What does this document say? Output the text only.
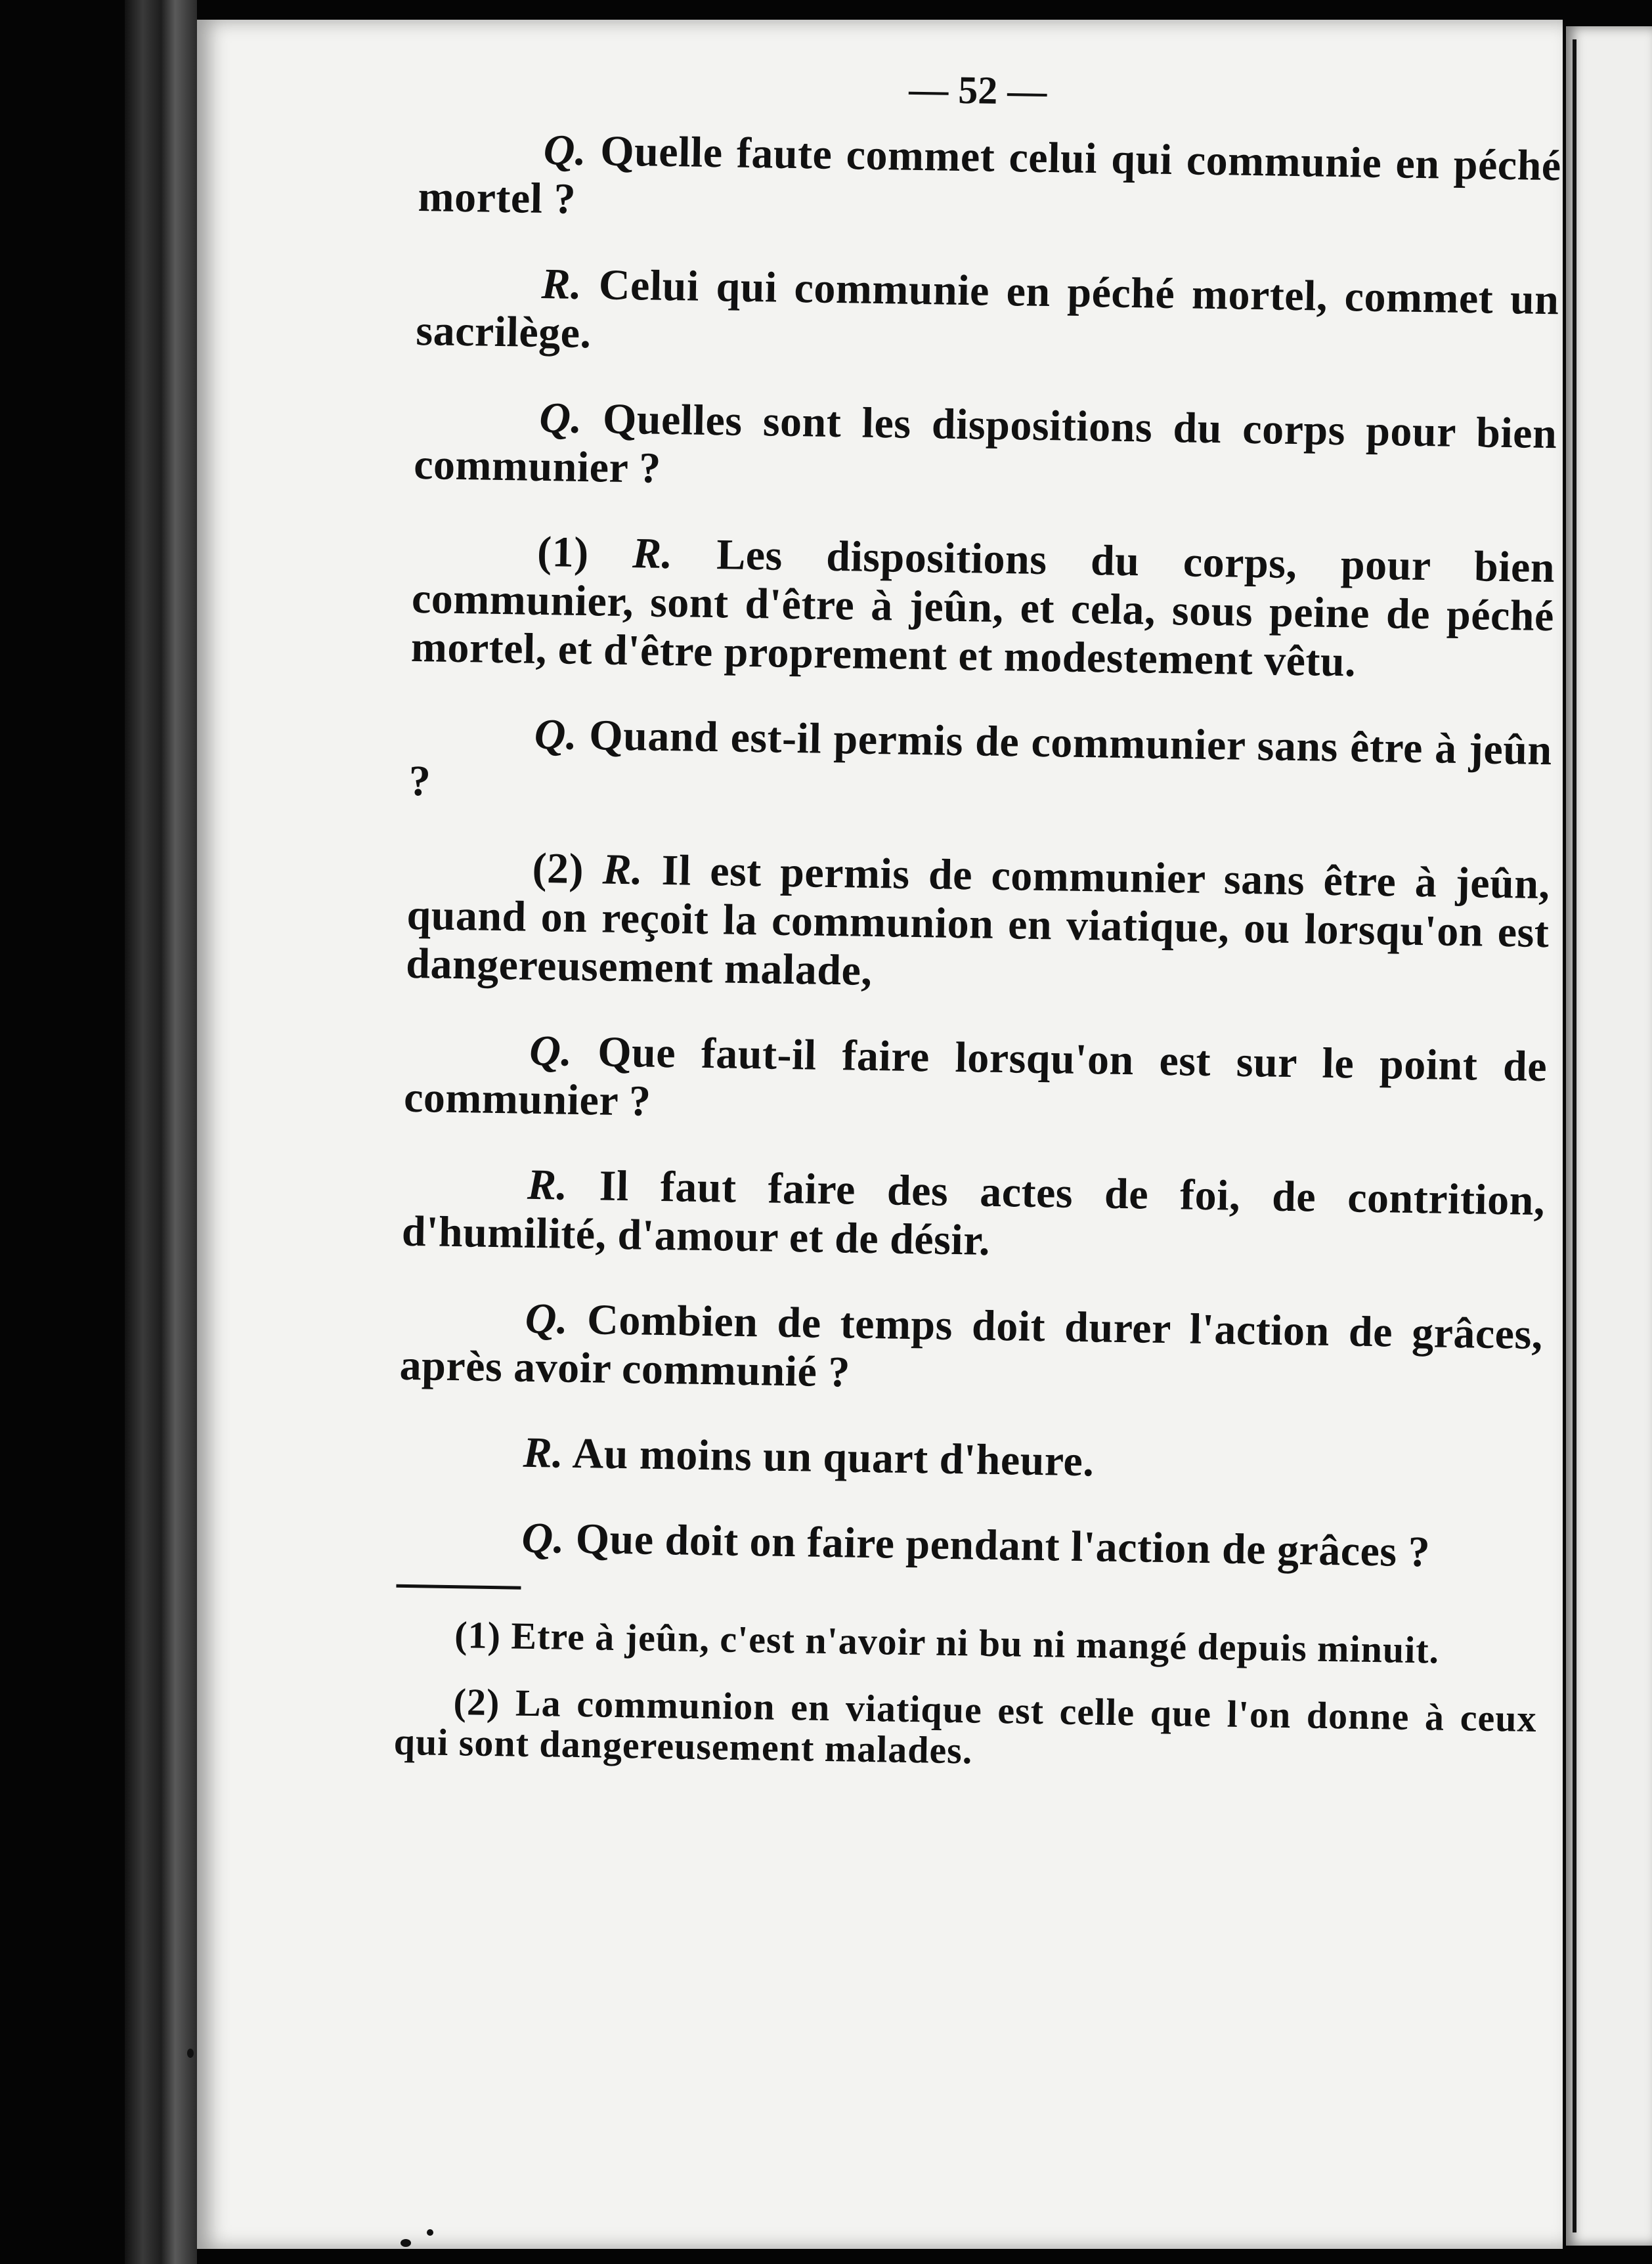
— 52 —

Q. Quelle faute commet celui qui communie en péché mortel ?

R. Celui qui communie en péché mortel, commet un sacrilège.

Q. Quelles sont les dispositions du corps pour bien communier ?

(1) R. Les dispositions du corps, pour bien communier, sont d'être à jeûn, et cela, sous peine de péché mortel, et d'être proprement et modestement vêtu.

Q. Quand est-il permis de communier sans être à jeûn ?

(2) R. Il est permis de communier sans être à jeûn, quand on reçoit la communion en viatique, ou lorsqu'on est dangereusement malade,

Q. Que faut-il faire lorsqu'on est sur le point de communier ?

R. Il faut faire des actes de foi, de contrition, d'humilité, d'amour et de désir.

Q. Combien de temps doit durer l'action de grâces, après avoir communié ?

R. Au moins un quart d'heure.

Q. Que doit on faire pendant l'action de grâces ?

(1) Etre à jeûn, c'est n'avoir ni bu ni mangé depuis minuit.

(2) La communion en viatique est celle que l'on donne à ceux qui sont dangereusement malades.
